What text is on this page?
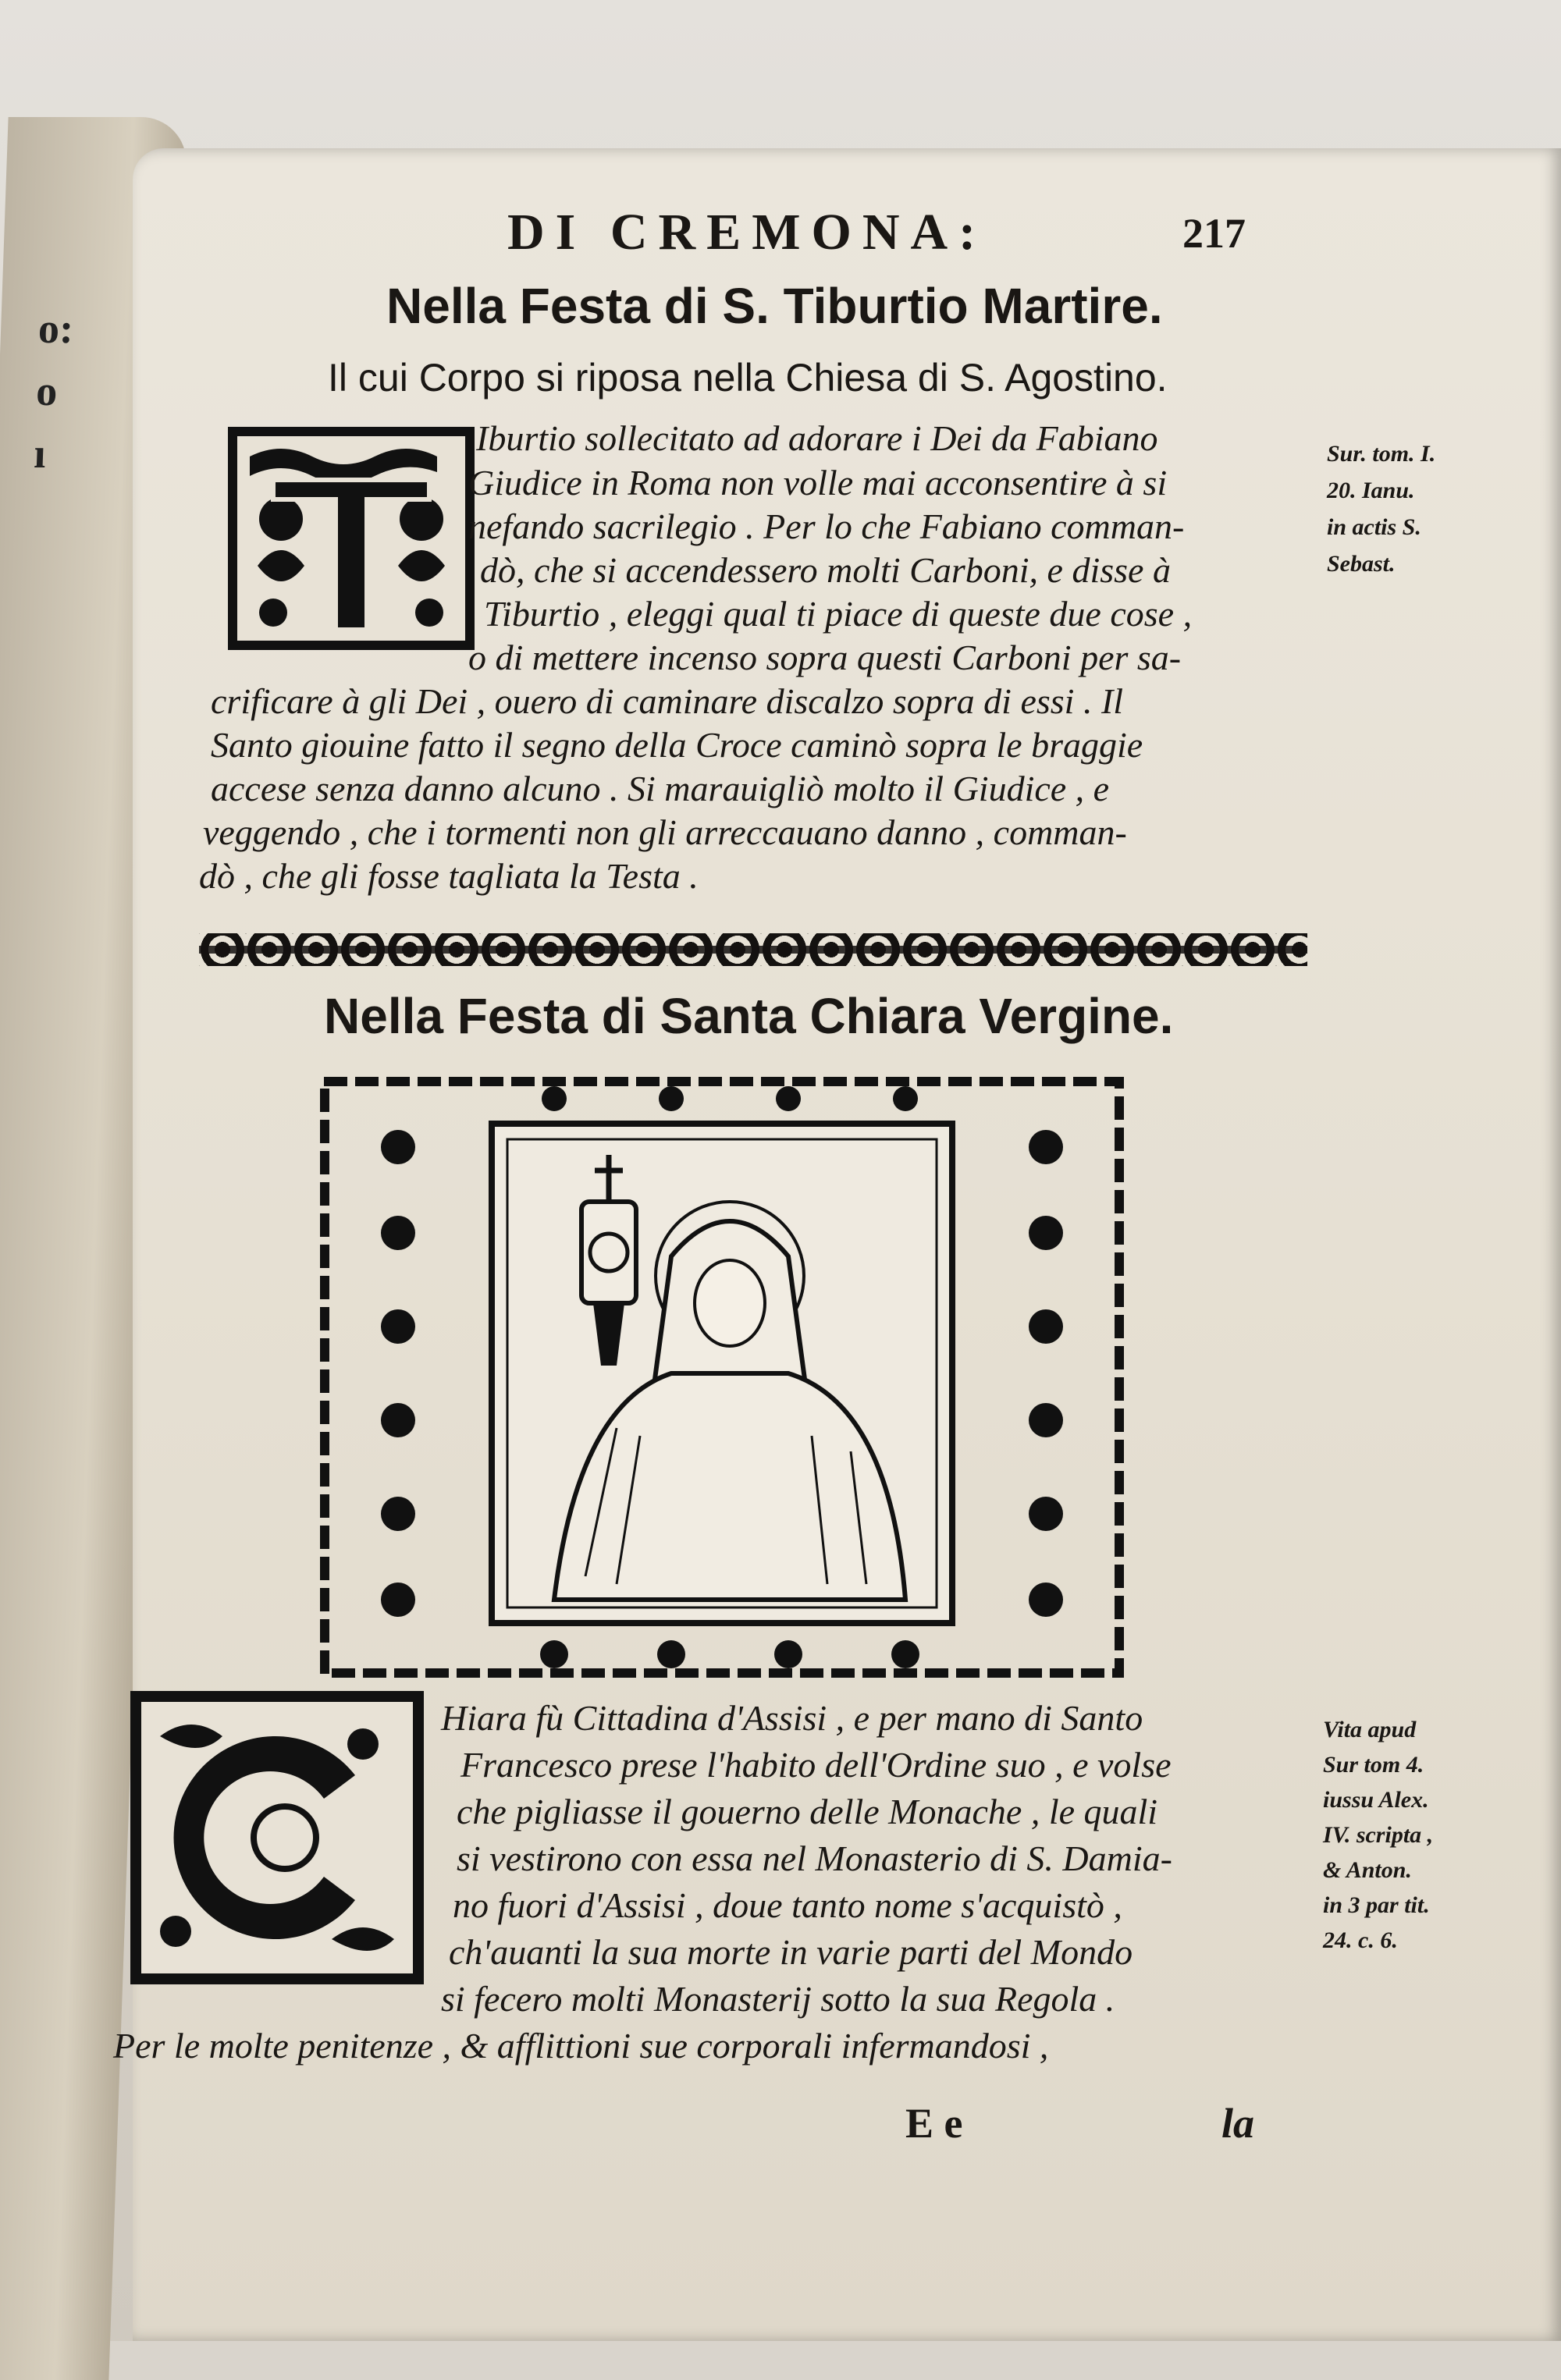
o:
o
ı
DI CREMONA:	217
Nella Festa di S. Tiburtio Martire.
Il cui Corpo si riposa nella Chiesa di S. Agostino.
Iburtio sollecitato ad adorare i Dei da Fabiano
Giudice in Roma non volle mai acconsentire à si
nefando sacrilegio . Per lo che Fabiano comman-
dò, che si accendessero molti Carboni, e disse à
Tiburtio , eleggi qual ti piace di queste due cose ,
o di mettere incenso sopra questi Carboni per sa-
crificare à gli Dei , ouero di caminare discalzo sopra di essi . Il
Santo giouine fatto il segno della Croce caminò sopra le braggie
accese senza danno alcuno . Si marauigliò molto il Giudice , e
veggendo , che i tormenti non gli arreccauano danno , comman-
dò , che gli fosse tagliata la Testa .
Sur. tom. I.
20. Ianu.
in actis S.
Sebast.
Nella Festa di Santa Chiara Vergine.
Hiara fù Cittadina d'Assisi , e per mano di Santo
Francesco prese l'habito dell'Ordine suo , e volse
che pigliasse il gouerno delle Monache , le quali
si vestirono con essa nel Monasterio di S. Damia-
no fuori d'Assisi , doue tanto nome s'acquistò ,
ch'auanti la sua morte in varie parti del Mondo
si fecero molti Monasterij sotto la sua Regola .
Per le molte penitenze , & afflittioni sue corporali infermandosi ,
Vita apud
Sur tom 4.
iussu Alex.
IV. scripta ,
& Anton.
in 3 par tit.
24. c. 6.
E e	la
